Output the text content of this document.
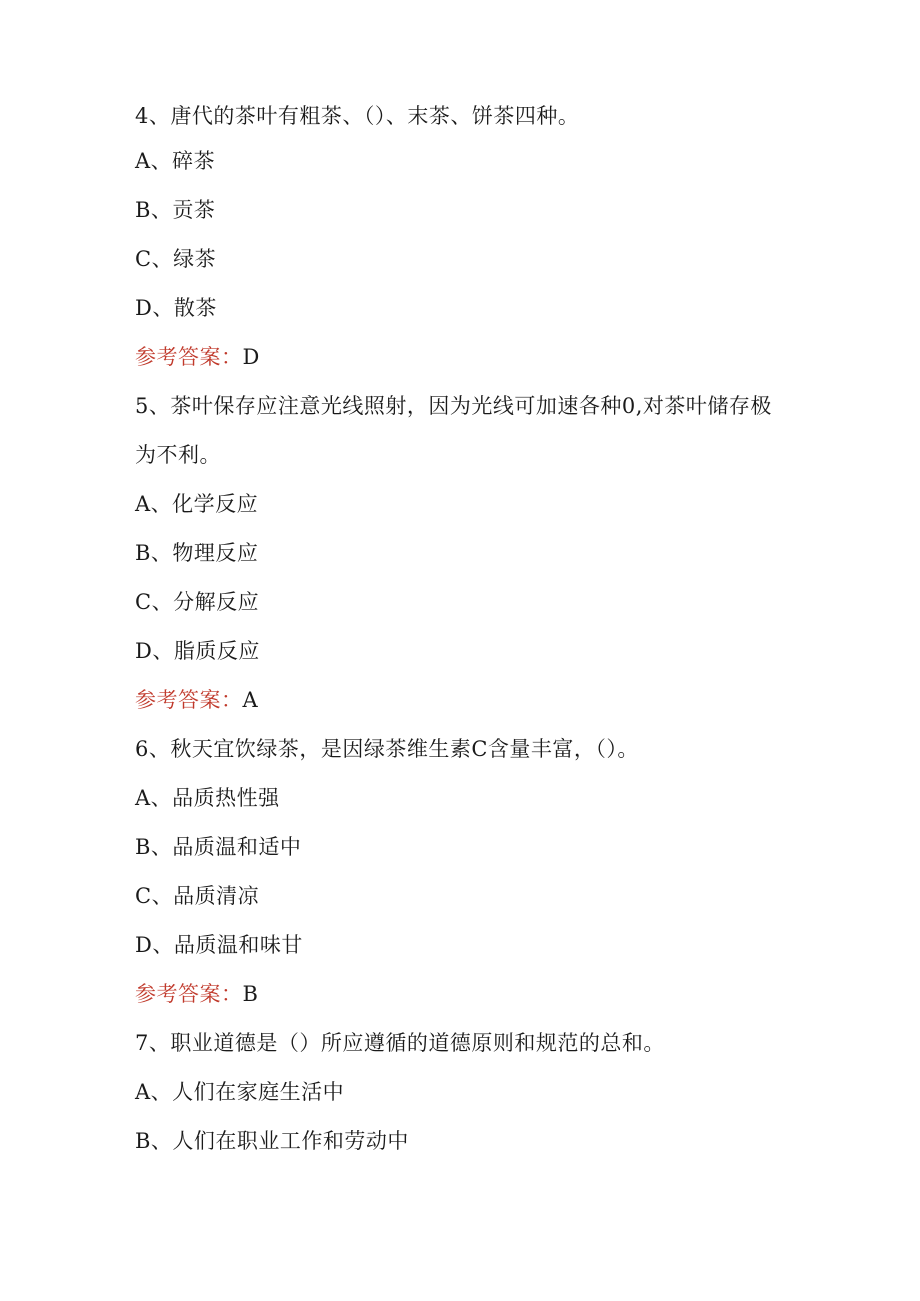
4、唐代的茶叶有粗茶、（）、末茶、饼茶四种。
A、碎茶
B、贡茶
C、绿茶
D、散茶
参考答案：D
5、茶叶保存应注意光线照射，因为光线可加速各种0,对茶叶储存极
为不利。
A、化学反应
B、物理反应
C、分解反应
D、脂质反应
参考答案：A
6、秋天宜饮绿茶，是因绿茶维生素C含量丰富，（）。
A、品质热性强
B、品质温和适中
C、品质清凉
D、品质温和味甘
参考答案：B
7、职业道德是（）所应遵循的道德原则和规范的总和。
A、人们在家庭生活中
B、人们在职业工作和劳动中
